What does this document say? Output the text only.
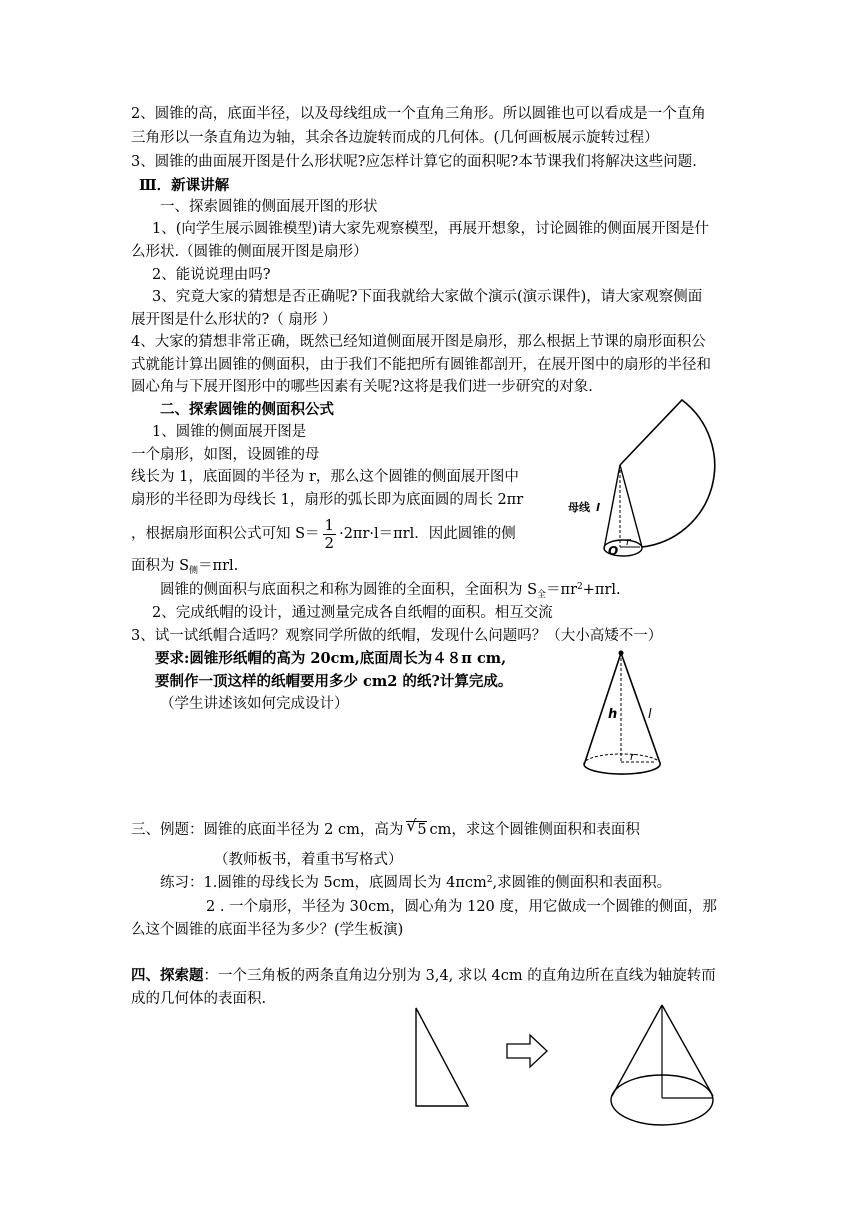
2、圆锥的高，底面半径，以及母线组成一个直角三角形。所以圆锥也可以看成是一个直角
三角形以一条直角边为轴，其余各边旋转而成的几何体。(几何画板展示旋转过程）
3、圆锥的曲面展开图是什么形状呢?应怎样计算它的面积呢?本节课我们将解决这些问题.
Ⅲ．新课讲解
一、探索圆锥的侧面展开图的形状
1、(向学生展示圆锥模型)请大家先观察模型，再展开想象，讨论圆锥的侧面展开图是什
么形状.（圆锥的侧面展开图是扇形）
2、能说说理由吗?
3、究竟大家的猜想是否正确呢?下面我就给大家做个演示(演示课件)，请大家观察侧面
展开图是什么形状的?（ 扇形 ）
4、大家的猜想非常正确，既然已经知道侧面展开图是扇形，那么根据上节课的扇形面积公
式就能计算出圆锥的侧面积，由于我们不能把所有圆锥都剖开，在展开图中的扇形的半径和
圆心角与下展开图形中的哪些因素有关呢?这将是我们进一步研究的对象.
二、探索圆锥的侧面积公式
1、圆锥的侧面展开图是
一个扇形，如图，设圆锥的母
线长为 1，底面圆的半径为 r，那么这个圆锥的侧面展开图中
扇形的半径即为母线长 1，扇形的弧长即为底面圆的周长 2πr
，根据扇形面积公式可知 $S= \frac{1}{2} \cdot 2\pi r\cdot l=\pi rl$．因此圆锥的侧
面积为 $S_侧=\pi rl$.
圆锥的侧面积与底面积之和称为圆锥的全面积，全面积为 $S_全=\pi r^2+\pi rl$.
2、完成纸帽的设计，通过测量完成各自纸帽的面积。相互交流
3、试一试纸帽合适吗？观察同学所做的纸帽，发现什么问题吗？（大小高矮不一）
要求:圆锥形纸帽的高为 20cm,底面周长为４８π cm,
要制作一顶这样的纸帽要用多少 cm2 的纸?计算完成。
（学生讲述该如何完成设计）
三、例题：圆锥的底面半径为 2 cm，高为 √ 5 cm，求这个圆锥侧面积和表面积
（教师板书，着重书写格式）
练习：1.圆锥的母线长为 5cm，底圆周长为 4πcm$^2$,求圆锥的侧面积和表面积。
2 . 一个扇形，半径为 30cm，圆心角为 120 度，用它做成一个圆锥的侧面，那
么这个圆锥的底面半径为多少？(学生板演)
四、探索题：一个三角板的两条直角边分别为 3,4, 求以 4cm 的直角边所在直线为轴旋转而
成的几何体的表面积.
母线 l
O
r
h l
r
